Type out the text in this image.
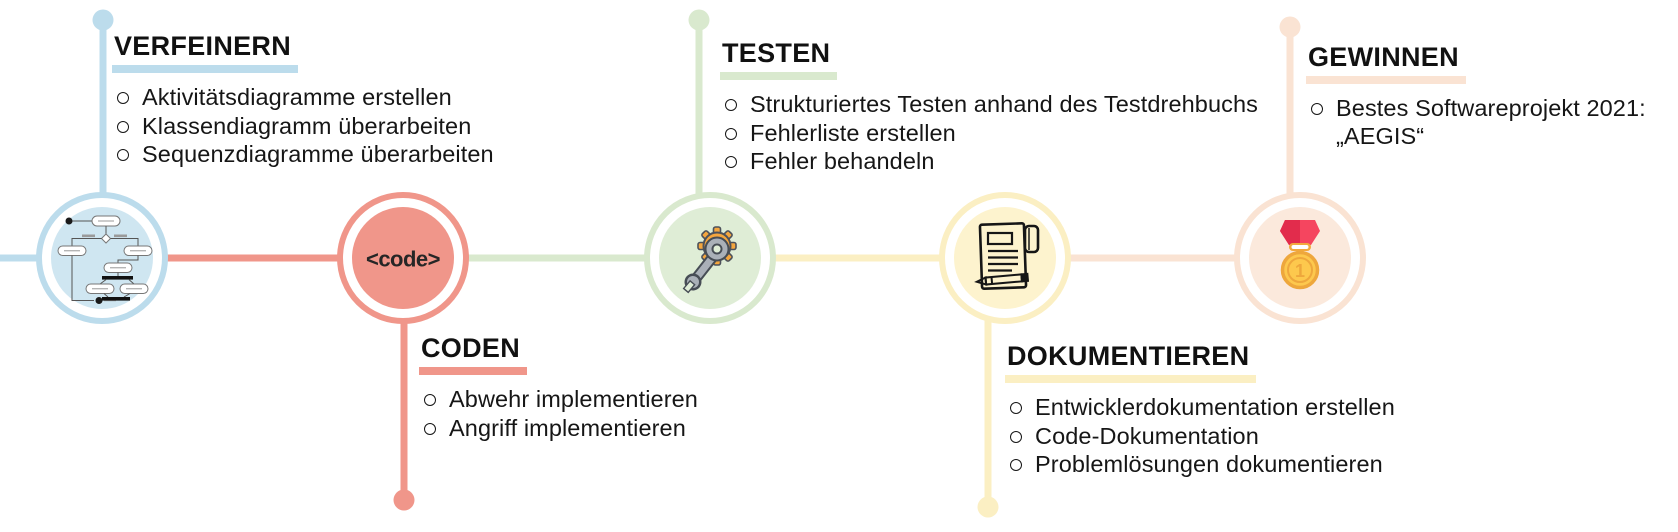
<code>	1
VERFEINERN
Aktivitätsdiagramme erstellen
Klassendiagramm überarbeiten
Sequenzdiagramme überarbeiten
CODEN
Abwehr implementieren
Angriff implementieren
TESTEN
Strukturiertes Testen anhand des Testdrehbuchs
Fehlerliste erstellen
Fehler behandeln
DOKUMENTIEREN
Entwicklerdokumentation erstellen
Code-Dokumentation
Problemlösungen dokumentieren
GEWINNEN
Bestes Softwareprojekt 2021: „AEGIS“
